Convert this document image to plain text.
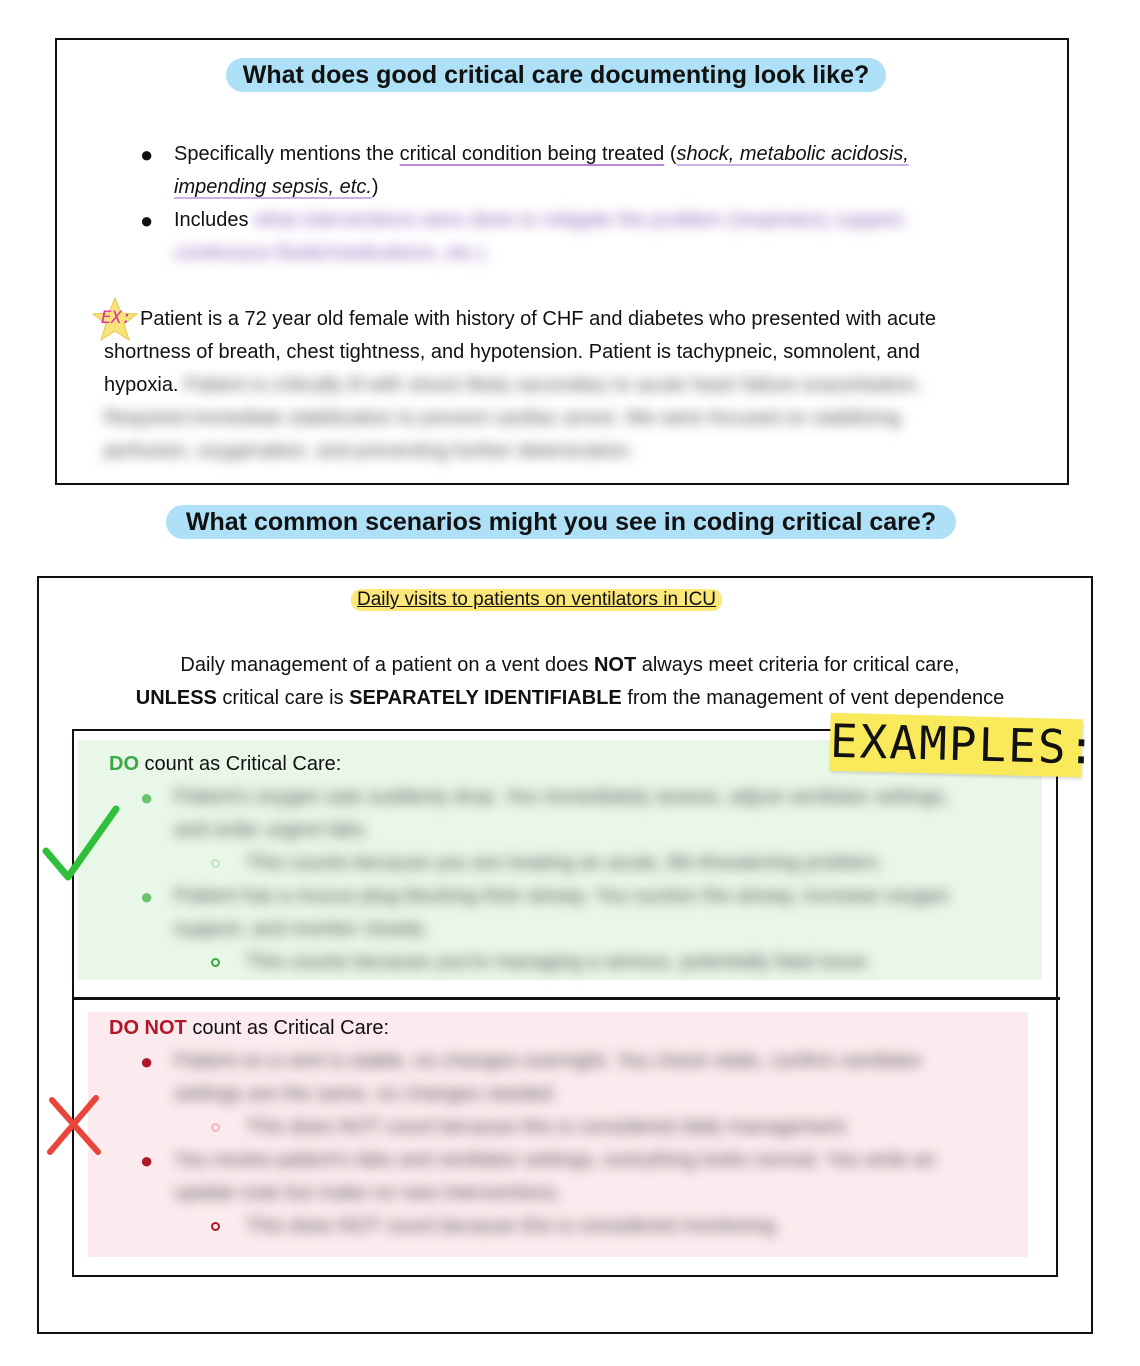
What does good critical care documenting look like?
● Specifically mentions the critical condition being treated (shock, metabolic acidosis,
impending sepsis, etc.)
● Includes what interventions were done to mitigate the problem (respiratory support,
continuous fluids/medications, etc.)
EX: Patient is a 72 year old female with history of CHF and diabetes who presented with acute
shortness of breath, chest tightness, and hypotension. Patient is tachypneic, somnolent, and
hypoxia. Patient is critically ill with shock likely secondary to acute heart failure exacerbation.
Required immediate stabilization to prevent cardiac arrest. We were focused on stabilizing
perfusion, oxygenation, and preventing further deterioration.
What common scenarios might you see in coding critical care?
Daily visits to patients on ventilators in ICU
Daily management of a patient on a vent does NOT always meet criteria for critical care,
UNLESS critical care is SEPARATELY IDENTIFIABLE from the management of vent dependence
EXAMPLES:
DO count as Critical Care:
● Patient's oxygen sats suddenly drop. You immediately assess, adjust ventilator settings,
and order urgent labs.
This counts because you are treating an acute, life-threatening problem.
● Patient has a mucus plug blocking their airway. You suction the airway, increase oxygen
support, and monitor closely.
This counts because you're managing a serious, potentially fatal issue.
DO NOT count as Critical Care:
● Patient on a vent is stable, no changes overnight. You check vitals, confirm ventilator
settings are the same, no changes needed.
This does NOT count because this is considered daily management.
● You review patient's labs and ventilator settings, everything looks normal. You write an
update note but make no new interventions.
This does NOT count because this is considered monitoring.
